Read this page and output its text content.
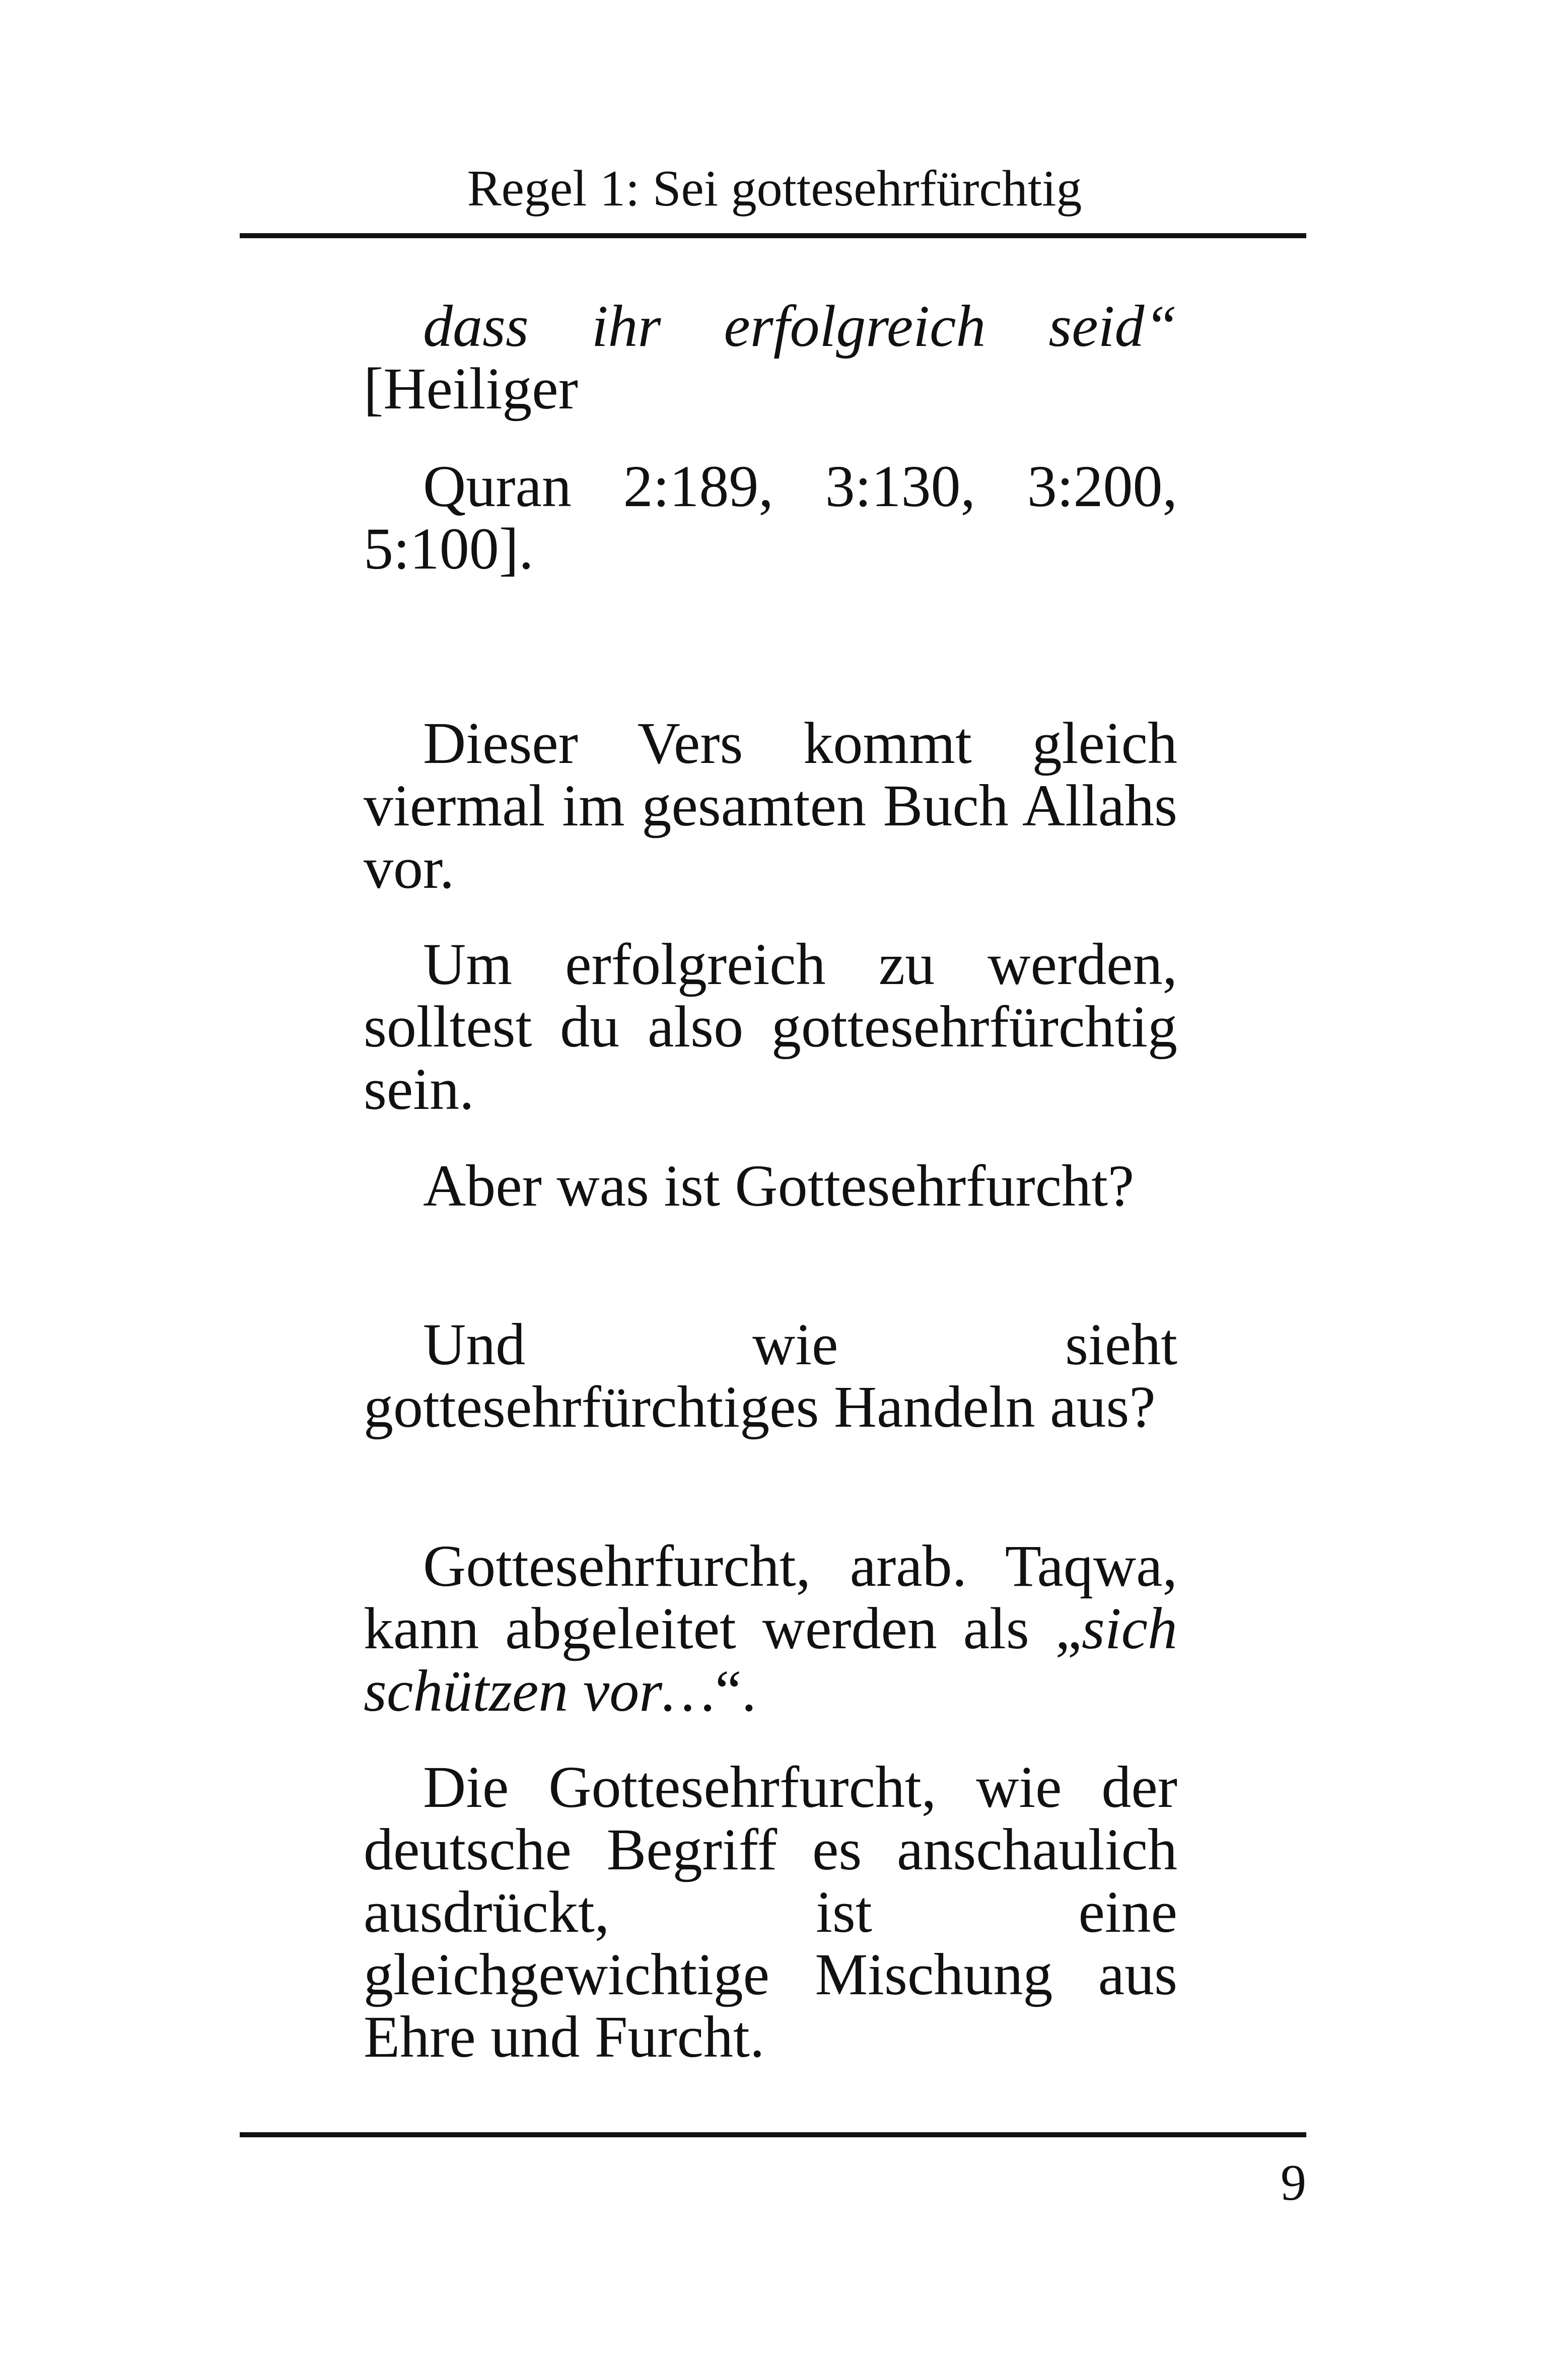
Regel 1: Sei gottesehrfürchtig

dass ihr erfolgreich seid“ [Heiliger

Quran 2:189, 3:130, 3:200, 5:100].

Dieser Vers kommt gleich viermal im gesamten Buch Allahs vor.

Um erfolgreich zu werden, solltest du also gottesehrfürchtig sein.

Aber was ist Gottesehrfurcht?

Und wie sieht gottesehrfürchtiges Handeln aus?

Gottesehrfurcht, arab. Taqwa, kann abgeleitet werden als „sich schützen vor…“.

Die Gottesehrfurcht, wie der deutsche Begriff es anschaulich ausdrückt, ist eine gleichgewichtige Mischung aus Ehre und Furcht.

9
